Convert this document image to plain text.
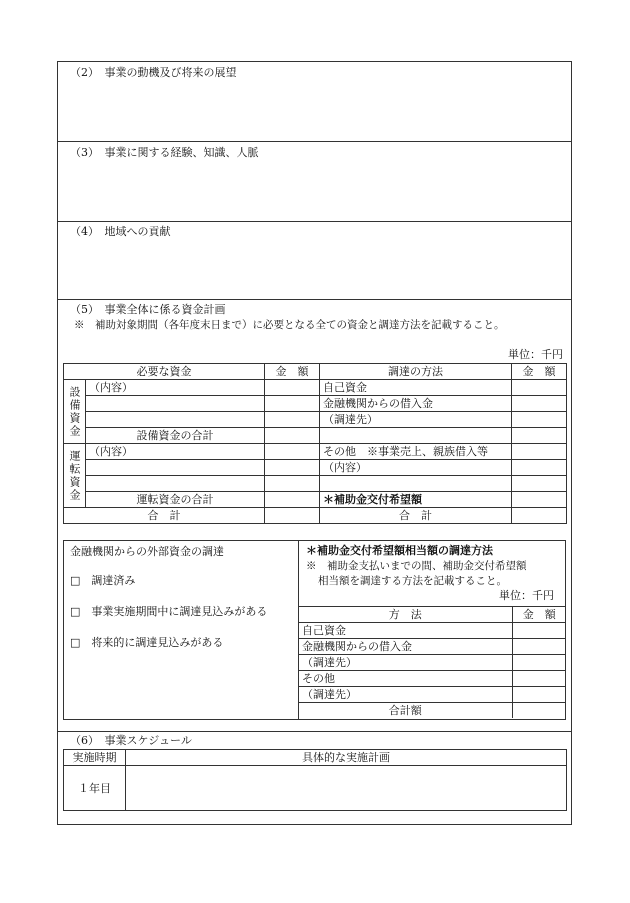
（2）　事業の動機及び将来の展望
（3）　事業に関する経験、知識、人脈
（4）　地域への貢献
（5）　事業全体に係る資金計画
※　補助対象期間（各年度末日まで）に必要となる全ての資金と調達方法を記載すること。
単位：千円
必要な資金		金　額	調達の方法	金　額
設備資金	（内容）		自己資金	
			金融機関からの借入金	
			（調達先）	
	設備資金の合計			
運転資金	（内容）		その他　※事業売上、親族借入等	
			（内容）	

	運転資金の合計		＊補助金交付希望額	
合　計			合　計	
金融機関からの外部資金の調達
□　 調達済み
□　 事業実施期間中に調達見込みがある
□　 将来的に調達見込みがある
＊補助金交付希望額相当額の調達方法
※　補助金支払いまでの間、補助金交付希望額
相当額を調達する方法を記載すること。
単位：千円
方　法	金　額
自己資金	
金融機関からの借入金	
（調達先）	
その他	
（調達先）	
合計額	
（6）　事業スケジュール
実施時期	具体的な実施計画
１年目	
